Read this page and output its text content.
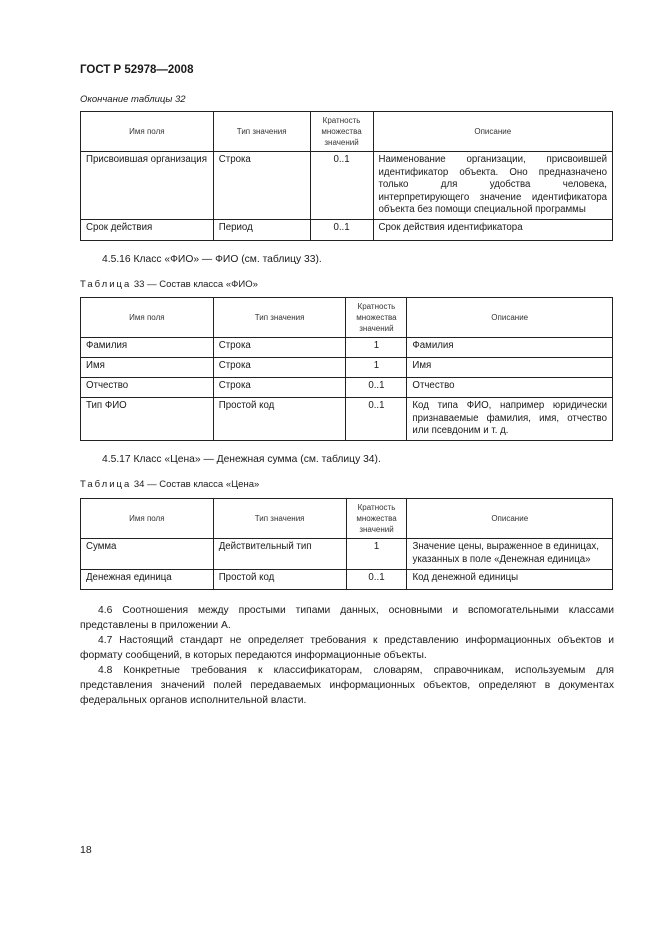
ГОСТ Р 52978—2008
Окончание таблицы 32
Имя поля	Тип значения	Кратность множества значений	Описание
Присвоившая организация	Строка	0..1	Наименование организации, присвоившей идентификатор объекта. Оно предназначено только для удобства человека, интерпретирующего значение идентификатора объекта без помощи специальной программы
Срок действия	Период	0..1	Срок действия идентификатора
4.5.16 Класс «ФИО» — ФИО (см. таблицу 33).
Таблица 33 — Состав класса «ФИО»
Имя поля	Тип значения	Кратность множества значений	Описание
Фамилия	Строка	1	Фамилия
Имя	Строка	1	Имя
Отчество	Строка	0..1	Отчество
Тип ФИО	Простой код	0..1	Код типа ФИО, например юридически признаваемые фамилия, имя, отчество или псевдоним и т. д.
4.5.17 Класс «Цена» — Денежная сумма (см. таблицу 34).
Таблица 34 — Состав класса «Цена»
Имя поля	Тип значения	Кратность множества значений	Описание
Сумма	Действительный тип	1	Значение цены, выраженное в единицах, указанных в поле «Денежная единица»
Денежная единица	Простой код	0..1	Код денежной единицы
4.6 Соотношения между простыми типами данных, основными и вспомогательными классами представлены в приложении А.
4.7 Настоящий стандарт не определяет требования к представлению информационных объектов и формату сообщений, в которых передаются информационные объекты.
4.8 Конкретные требования к классификаторам, словарям, справочникам, используемым для представления значений полей передаваемых информационных объектов, определяют в документах федеральных органов исполнительной власти.
18
